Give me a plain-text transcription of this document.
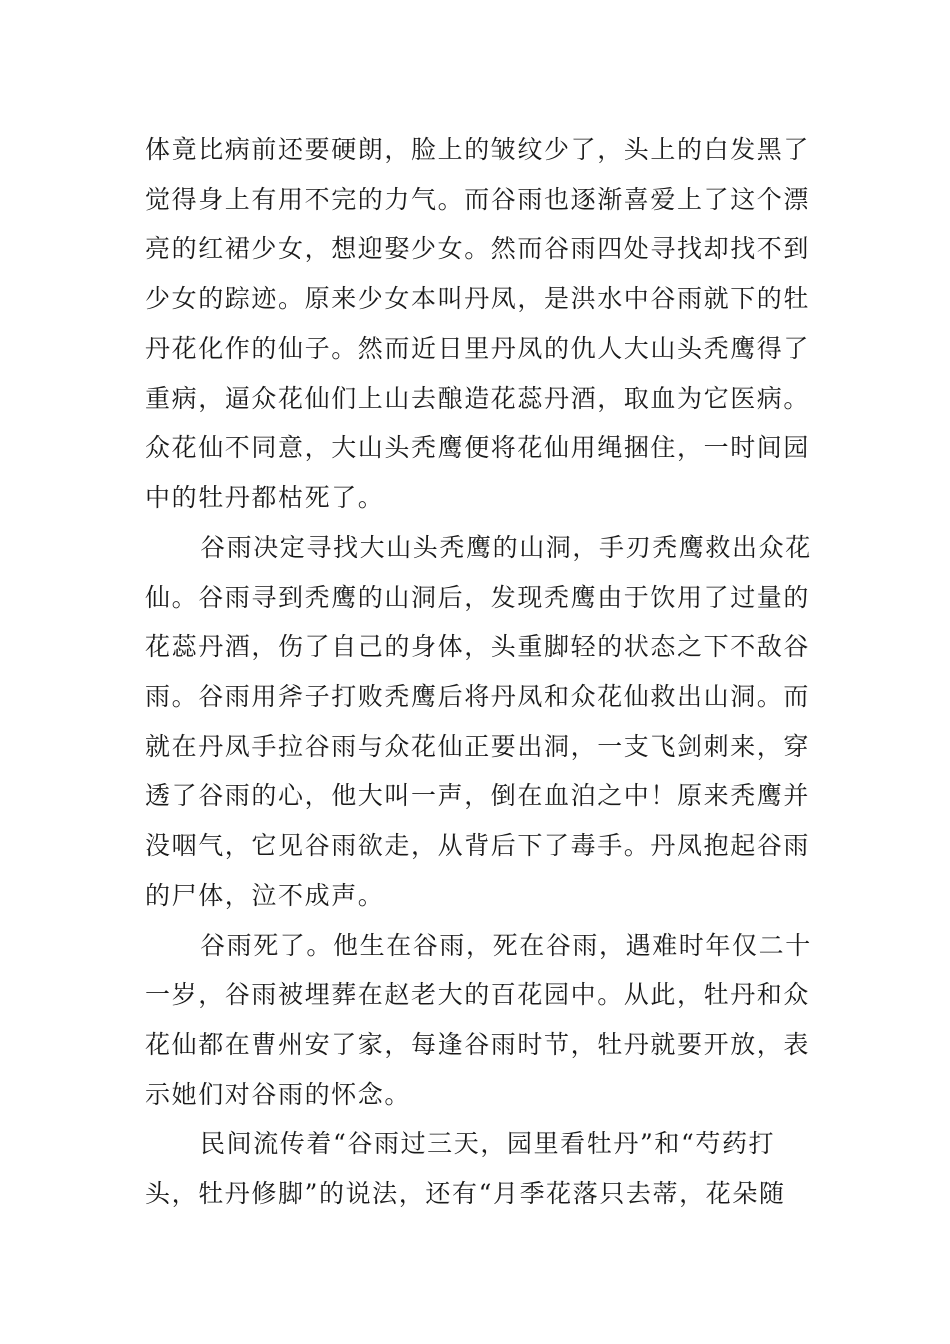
体竟比病前还要硬朗，脸上的皱纹少了，头上的白发黑了
觉得身上有用不完的力气。而谷雨也逐渐喜爱上了这个漂
亮的红裙少女，想迎娶少女。然而谷雨四处寻找却找不到
少女的踪迹。原来少女本叫丹凤，是洪水中谷雨就下的牡
丹花化作的仙子。然而近日里丹凤的仇人大山头秃鹰得了
重病，逼众花仙们上山去酿造花蕊丹酒，取血为它医病。
众花仙不同意，大山头秃鹰便将花仙用绳捆住，一时间园
中的牡丹都枯死了。
谷雨决定寻找大山头秃鹰的山洞，手刃秃鹰救出众花
仙。谷雨寻到秃鹰的山洞后，发现秃鹰由于饮用了过量的
花蕊丹酒，伤了自己的身体，头重脚轻的状态之下不敌谷
雨。谷雨用斧子打败秃鹰后将丹凤和众花仙救出山洞。而
就在丹凤手拉谷雨与众花仙正要出洞，一支飞剑刺来，穿
透了谷雨的心，他大叫一声，倒在血泊之中！原来秃鹰并
没咽气，它见谷雨欲走，从背后下了毒手。丹凤抱起谷雨
的尸体，泣不成声。
谷雨死了。他生在谷雨，死在谷雨，遇难时年仅二十
一岁，谷雨被埋葬在赵老大的百花园中。从此，牡丹和众
花仙都在曹州安了家，每逢谷雨时节，牡丹就要开放，表
示她们对谷雨的怀念。
民间流传着“谷雨过三天，园里看牡丹”和“芍药打
头，牡丹修脚”的说法，还有“月季花落只去蒂，花朵随
